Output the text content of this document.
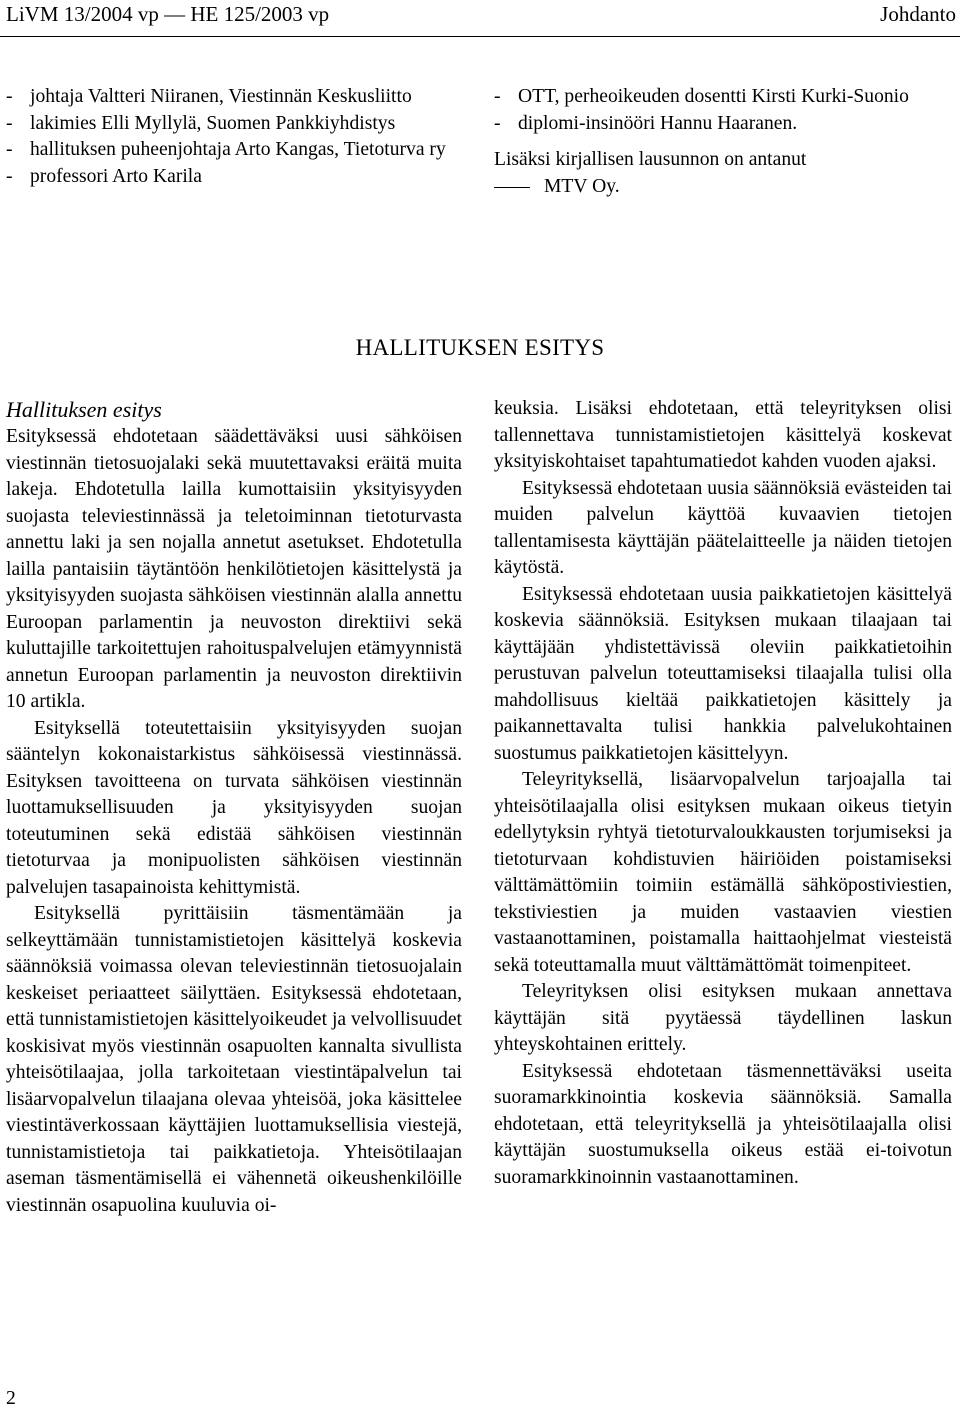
LiVM 13/2004 vp — HE 125/2003 vp	Johdanto

- johtaja Valtteri Niiranen, Viestinnän Keskusliitto

- lakimies Elli Myllylä, Suomen Pankkiyhdistys

- hallituksen puheenjohtaja Arto Kangas, Tietoturva ry

- professori Arto Karila

- OTT, perheoikeuden dosentti Kirsti Kurki-Suonio

- diplomi-insinööri Hannu Haaranen.

Lisäksi kirjallisen lausunnon on antanut

MTV Oy.

HALLITUKSEN ESITYS

Hallituksen esitys

Esityksessä ehdotetaan säädettäväksi uusi sähköisen viestinnän tietosuojalaki sekä muutettavaksi eräitä muita lakeja. Ehdotetulla lailla kumottaisiin yksityisyyden suojasta televiestinnässä ja teletoiminnan tietoturvasta annettu laki ja sen nojalla annetut asetukset. Ehdotetulla lailla pantaisiin täytäntöön henkilötietojen käsittelystä ja yksityisyyden suojasta sähköisen viestinnän alalla annettu Euroopan parlamentin ja neuvoston direktiivi sekä kuluttajille tarkoitettujen rahoituspalvelujen etämyynnistä annetun Euroopan parlamentin ja neuvoston direktiivin 10 artikla.

Esityksellä toteutettaisiin yksityisyyden suojan sääntelyn kokonaistarkistus sähköisessä viestinnässä. Esityksen tavoitteena on turvata sähköisen viestinnän luottamuksellisuuden ja yksityisyyden suojan toteutuminen sekä edistää sähköisen viestinnän tietoturvaa ja monipuolisten sähköisen viestinnän palvelujen tasapainoista kehittymistä.

Esityksellä pyrittäisiin täsmentämään ja selkeyttämään tunnistamistietojen käsittelyä koskevia säännöksiä voimassa olevan televiestinnän tietosuojalain keskeiset periaatteet säilyttäen. Esityksessä ehdotetaan, että tunnistamistietojen käsittelyoikeudet ja velvollisuudet koskisivat myös viestinnän osapuolten kannalta sivullista yhteisötilaajaa, jolla tarkoitetaan viestintäpalvelun tai lisäarvopalvelun tilaajana olevaa yhteisöä, joka käsittelee viestintäverkossaan käyttäjien luottamuksellisia viestejä, tunnistamistietoja tai paikkatietoja. Yhteisötilaajan aseman täsmentämisellä ei vähennetä oikeushenkilöille viestinnän osapuolina kuuluvia oi-

keuksia. Lisäksi ehdotetaan, että teleyrityksen olisi tallennettava tunnistamistietojen käsittelyä koskevat yksityiskohtaiset tapahtumatiedot kahden vuoden ajaksi.

Esityksessä ehdotetaan uusia säännöksiä evästeiden tai muiden palvelun käyttöä kuvaavien tietojen tallentamisesta käyttäjän päätelaitteelle ja näiden tietojen käytöstä.

Esityksessä ehdotetaan uusia paikkatietojen käsittelyä koskevia säännöksiä. Esityksen mukaan tilaajaan tai käyttäjään yhdistettävissä oleviin paikkatietoihin perustuvan palvelun toteuttamiseksi tilaajalla tulisi olla mahdollisuus kieltää paikkatietojen käsittely ja paikannettavalta tulisi hankkia palvelukohtainen suostumus paikkatietojen käsittelyyn.

Teleyrityksellä, lisäarvopalvelun tarjoajalla tai yhteisötilaajalla olisi esityksen mukaan oikeus tietyin edellytyksin ryhtyä tietoturvaloukkausten torjumiseksi ja tietoturvaan kohdistuvien häiriöiden poistamiseksi välttämättömiin toimiin estämällä sähköpostiviestien, tekstiviestien ja muiden vastaavien viestien vastaanottaminen, poistamalla haittaohjelmat viesteistä sekä toteuttamalla muut välttämättömät toimenpiteet.

Teleyrityksen olisi esityksen mukaan annettava käyttäjän sitä pyytäessä täydellinen laskun yhteyskohtainen erittely.

Esityksessä ehdotetaan täsmennettäväksi useita suoramarkkinointia koskevia säännöksiä. Samalla ehdotetaan, että teleyrityksellä ja yhteisötilaajalla olisi käyttäjän suostumuksella oikeus estää ei-toivotun suoramarkkinoinnin vastaanottaminen.

2
